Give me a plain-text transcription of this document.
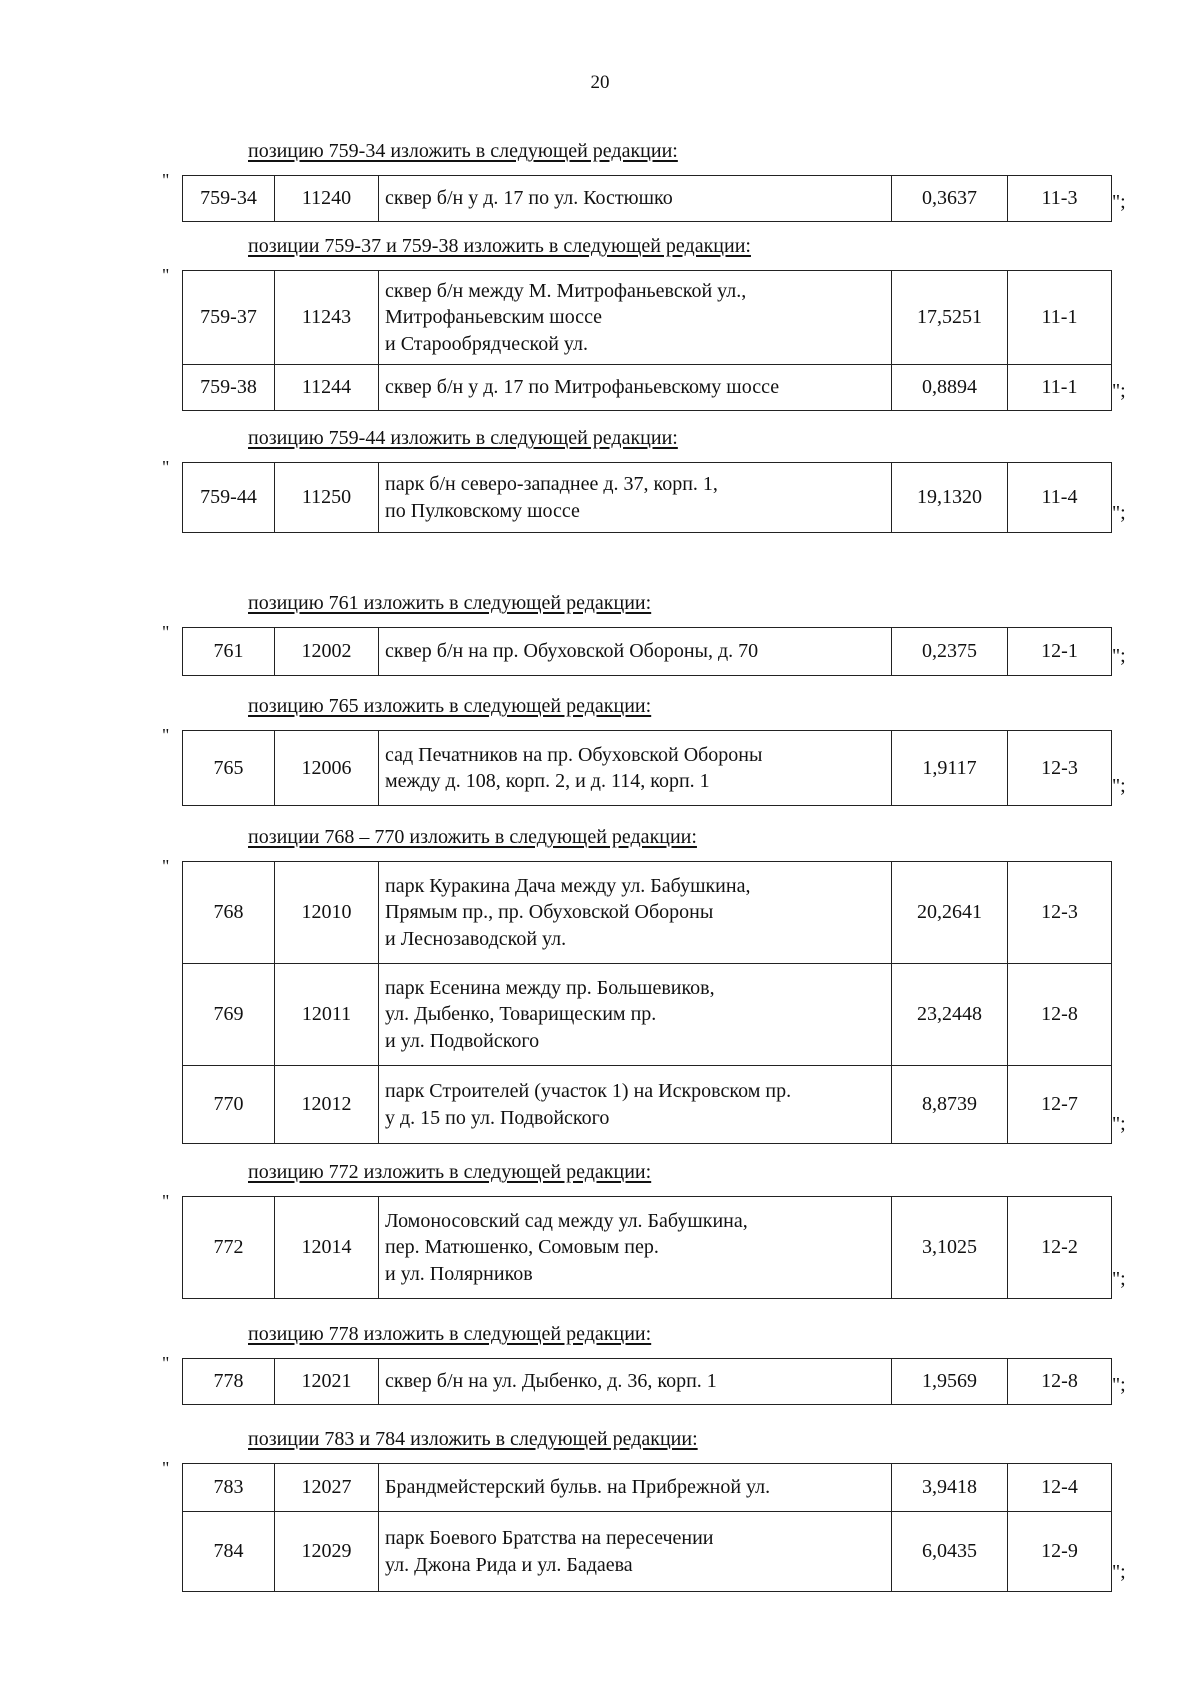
20
позицию 759-34 изложить в следующей редакции:
"
759-34	11240	сквер б/н у д. 17 по ул. Костюшко	0,3637	11-3 ";
позиции 759-37 и 759-38 изложить в следующей редакции:
"
759-37	11243	сквер б/н между М. Митрофаньевской ул.,
Митрофаньевским шоссе
и Старообрядческой ул.	17,5251	11-1
759-38	11244	сквер б/н у д. 17 по Митрофаньевскому шоссе	0,8894	11-1 ";
позицию 759-44 изложить в следующей редакции:
"
759-44	11250	
парк б/н северо-западнее д. 37, корп. 1,
по Пулковскому шоссе
	19,1320	11-4
";
позицию 761 изложить в следующей редакции:
"
761	12002	сквер б/н на пр. Обуховской Обороны, д. 70	0,2375	12-1 ";
позицию 765 изложить в следующей редакции:
"
765	12006	
сад Печатников на пр. Обуховской Обороны
между д. 108, корп. 2, и д. 114, корп. 1
	1,9117	12-3
";
позиции 768 – 770 изложить в следующей редакции:
"
768	12010	парк Куракина Дача между ул. Бабушкина,
Прямым пр., пр. Обуховской Обороны
и Леснозаводской ул.	20,2641	12-3
769	12011	парк Есенина между пр. Большевиков,
ул. Дыбенко, Товарищеским пр.
и ул. Подвойского	23,2448	12-8
770	12012	парк Строителей (участок 1) на Искровском пр.
у д. 15 по ул. Подвойского	8,8739	12-7
";
позицию 772 изложить в следующей редакции:
"
772	12014	
Ломоносовский сад между ул. Бабушкина,
пер. Матюшенко, Сомовым пер.
и ул. Полярников
	3,1025	12-2
";
позицию 778 изложить в следующей редакции:
"
778	12021	сквер б/н на ул. Дыбенко, д. 36, корп. 1	1,9569	12-8 ";
позиции 783 и 784 изложить в следующей редакции:
"
783	12027	Брандмейстерский бульв. на Прибрежной ул.	3,9418	12-4
784	12029	парк Боевого Братства на пересечении
ул. Джона Рида и ул. Бадаева	6,0435	12-9
";
